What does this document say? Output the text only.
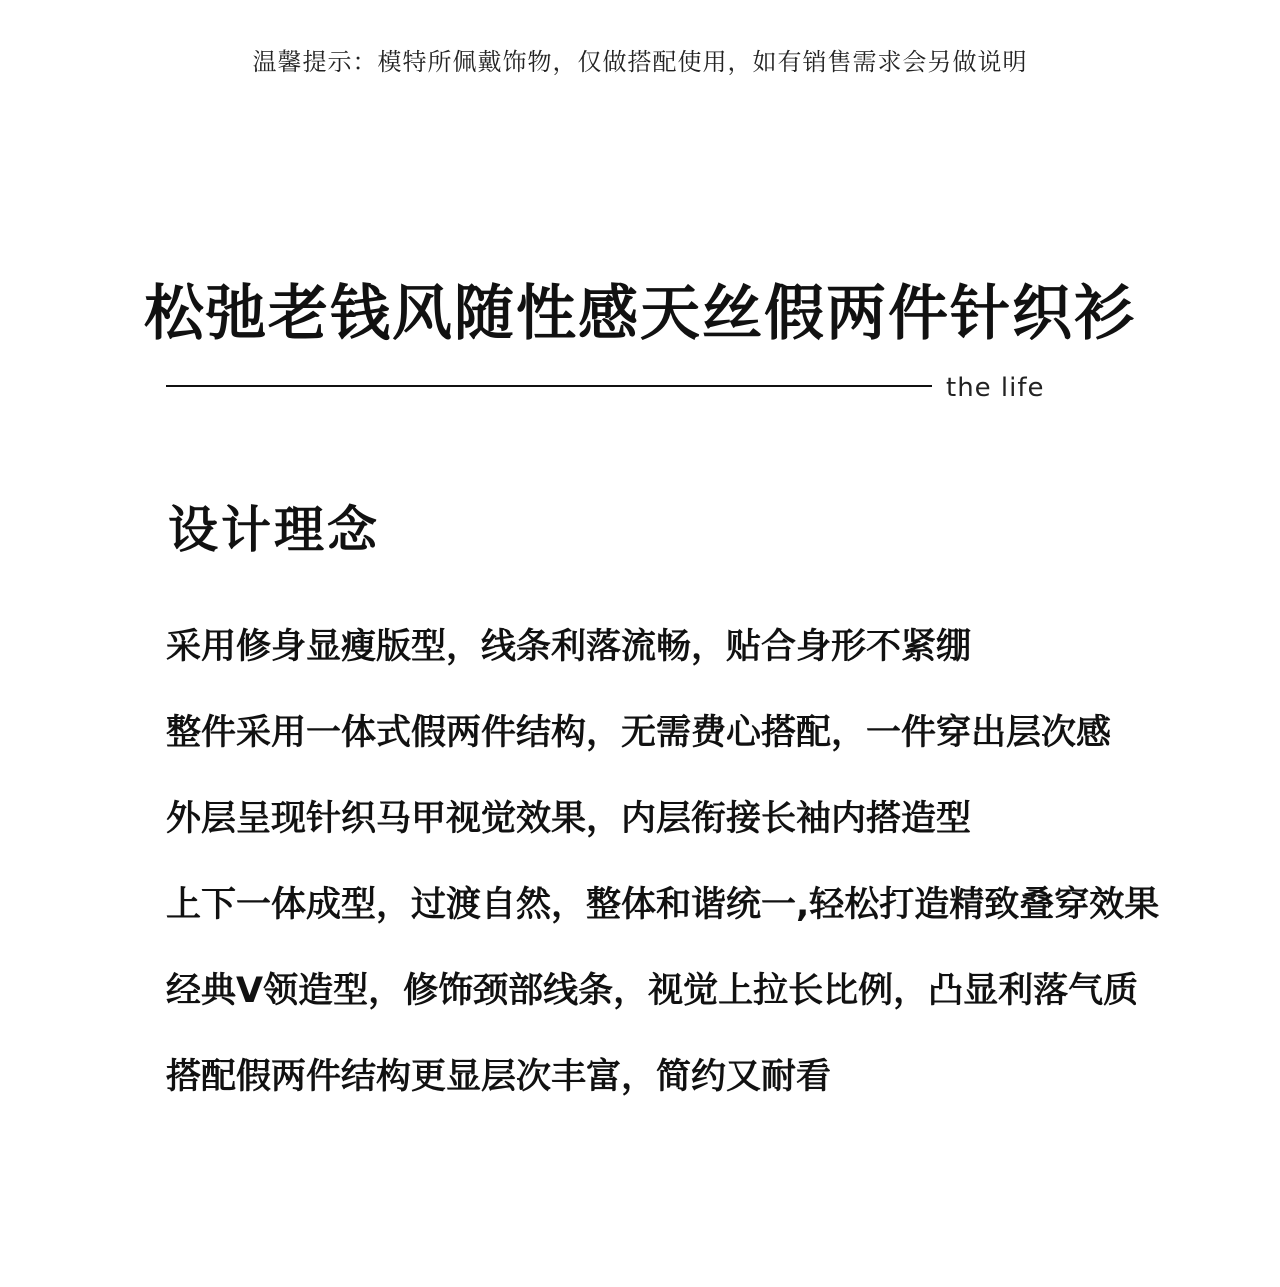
温馨提示：模特所佩戴饰物，仅做搭配使用，如有销售需求会另做说明
松弛老钱风随性感天丝假两件针织衫
the life
设计理念
采用修身显瘦版型，线条利落流畅，贴合身形不紧绷
整件采用一体式假两件结构，无需费心搭配，一件穿出层次感
外层呈现针织马甲视觉效果，内层衔接长袖内搭造型
上下一体成型，过渡自然，整体和谐统一,轻松打造精致叠穿效果
经典V领造型，修饰颈部线条，视觉上拉长比例，凸显利落气质
搭配假两件结构更显层次丰富，简约又耐看
